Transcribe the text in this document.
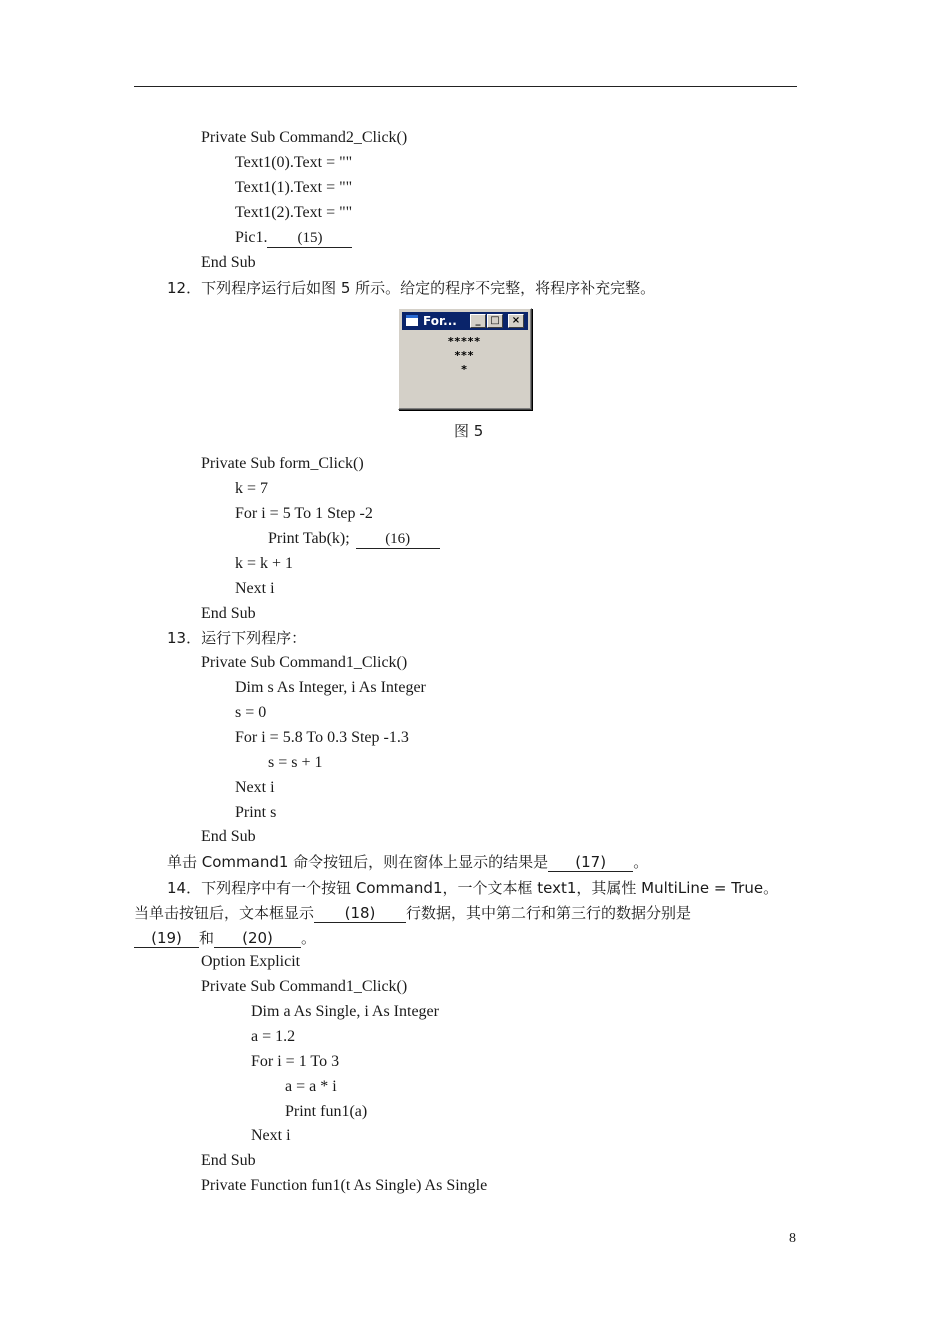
Private Sub Command2_Click()
Text1(0).Text = ""
Text1(1).Text = ""
Text1(2).Text = ""
Pic1. (15)
End Sub
12．下列程序运行后如图 5 所示。给定的程序不完整，将程序补充完整。
For...	_ □	×
*****
***
*
图 5
Private Sub form_Click()
k = 7
For i = 5 To 1 Step -2
Print Tab(k); (16)
k = k + 1
Next i
End Sub
13．运行下列程序：
Private Sub Command1_Click()
Dim s As Integer, i As Integer
s = 0
For i = 5.8 To 0.3 Step -1.3
s = s + 1
Next i
Print s
End Sub
单击 Command1 命令按钮后，则在窗体上显示的结果是 (17) 。
14．下列程序中有一个按钮 Command1，一个文本框 text1，其属性 MultiLine = True。
当单击按钮后，文本框显示 (18) 行数据，其中第二行和第三行的数据分别是
(19) 和 (20) 。
Option Explicit
Private Sub Command1_Click()
Dim a As Single, i As Integer
a = 1.2
For i = 1 To 3
a = a * i
Print fun1(a)
Next i
End Sub
Private Function fun1(t As Single) As Single
8
